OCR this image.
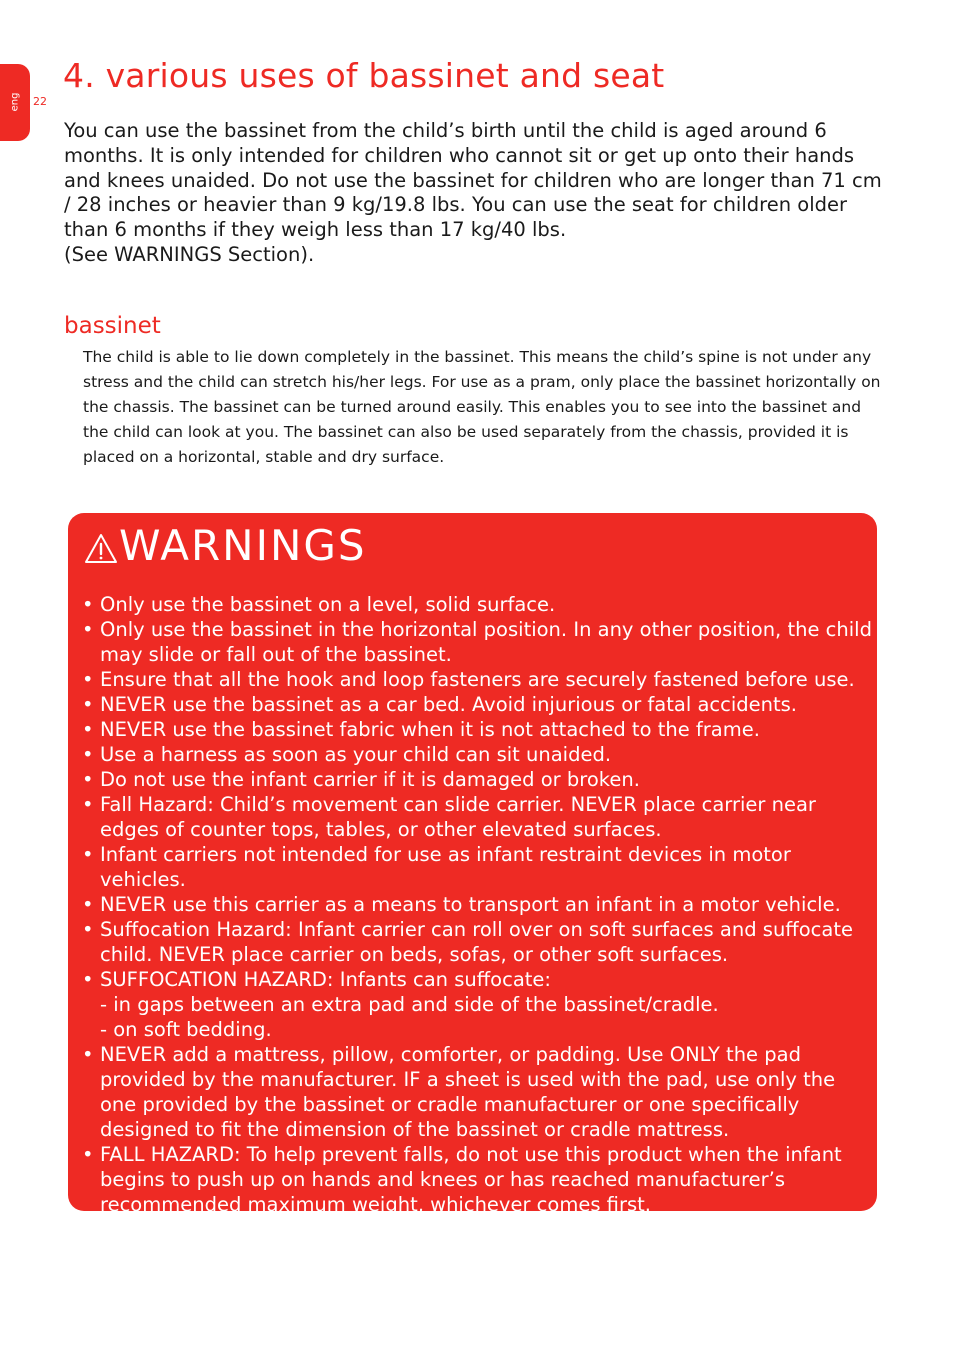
eng 22
4. various uses of bassinet and seat

You can use the bassinet from the child’s birth until the child is aged around 6 months. It is only intended for children who cannot sit or get up onto their hands and knees unaided. Do not use the bassinet for children who are longer than 71 cm / 28 inches or heavier than 9 kg/19.8 lbs. You can use the seat for children older than 6 months if they weigh less than 17 kg/40 lbs.

(See WARNINGS Section).

bassinet

The child is able to lie down completely in the bassinet. This means the child’s spine is not under any stress and the child can stretch his/her legs. For use as a pram, only place the bassinet horizontally on the chassis. The bassinet can be turned around easily. This enables you to see into the bassinet and the child can look at you. The bassinet can also be used separately from the chassis, provided it is placed on a horizontal, stable and dry surface.

WARNINGS
• Only use the bassinet on a level, solid surface.
• Only use the bassinet in the horizontal position. In any other position, the child may slide or fall out of the bassinet.
• Ensure that all the hook and loop fasteners are securely fastened before use.
• NEVER use the bassinet as a car bed. Avoid injurious or fatal accidents.
• NEVER use the bassinet fabric when it is not attached to the frame.
• Use a harness as soon as your child can sit unaided.
• Do not use the infant carrier if it is damaged or broken.
• Fall Hazard: Child’s movement can slide carrier. NEVER place carrier near edges of counter tops, tables, or other elevated surfaces.
• Infant carriers not intended for use as infant restraint devices in motor vehicles.
• NEVER use this carrier as a means to transport an infant in a motor vehicle.
• Suffocation Hazard: Infant carrier can roll over on soft surfaces and suffocate child. NEVER place carrier on beds, sofas, or other soft surfaces.
• SUFFOCATION HAZARD: Infants can suffocate:
- in gaps between an extra pad and side of the bassinet/cradle.
- on soft bedding.
• NEVER add a mattress, pillow, comforter, or padding. Use ONLY the pad provided by the manufacturer. IF a sheet is used with the pad, use only the one provided by the bassinet or cradle manufacturer or one specifically designed to fit the dimension of the bassinet or cradle mattress.
• FALL HAZARD: To help prevent falls, do not use this product when the infant begins to push up on hands and knees or has reached manufacturer’s recommended maximum weight, whichever comes first.
